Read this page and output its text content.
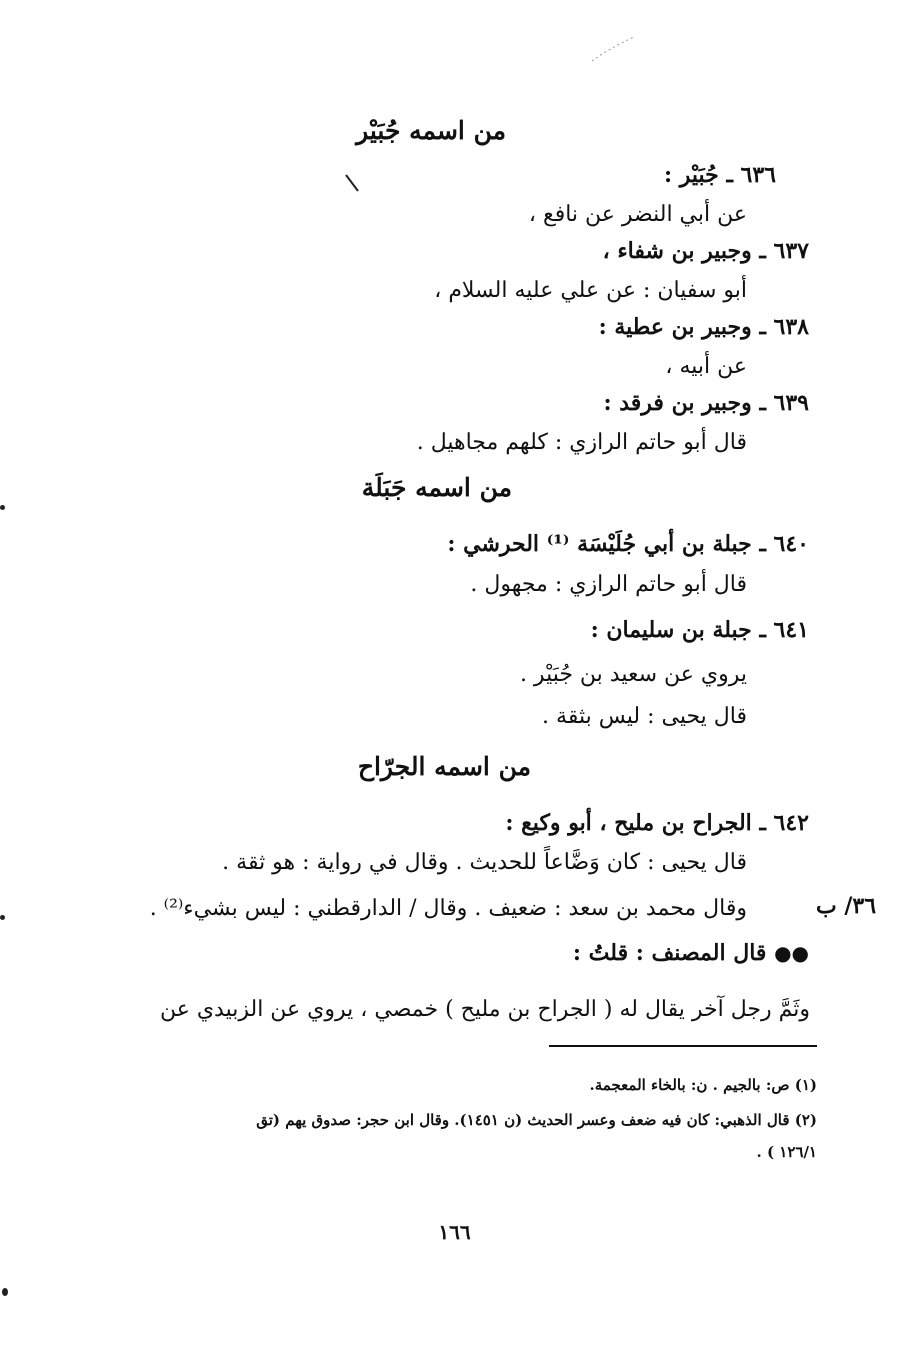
من اسمه جُبَيْر
٦٣٦ ـ جُبَيْر :
عن أبي النضر عن نافع ،
٦٣٧ ـ وجبير بن شفاء ،
أبو سفيان : عن علي عليه السلام ،
٦٣٨ ـ وجبير بن عطية :
عن أبيه ،
٦٣٩ ـ وجبير بن فرقد :
قال أبو حاتم الرازي : كلهم مجاهيل .
من اسمه جَبَلَة
٦٤٠ ـ جبلة بن أبي جُلَيْسَة ⁽¹⁾ الحرشي :
قال أبو حاتم الرازي : مجهول .
٦٤١ ـ جبلة بن سليمان :
يروي عن سعيد بن جُبَيْر .
قال يحيى : ليس بثقة .
من اسمه الجرّاح
٦٤٢ ـ الجراح بن مليح ، أبو وكيع :
قال يحيى : كان وَضَّاعاً للحديث . وقال في رواية : هو ثقة .
وقال محمد بن سعد : ضعيف . وقال / الدارقطني : ليس بشيء⁽²⁾ .	٣٦/ ب
●● قال المصنف : قلتُ :
وثَمَّ رجل آخر يقال له ( الجراح بن مليح ) خمصي ، يروي عن الزبيدي عن
(١) ص: بالجيم . ن: بالخاء المعجمة.
(٢) قال الذهبي: كان فيه ضعف وعسر الحديث (ن ١٤٥١). وقال ابن حجر: صدوق يهم (تق
١٢٦/١ ) .
١٦٦
